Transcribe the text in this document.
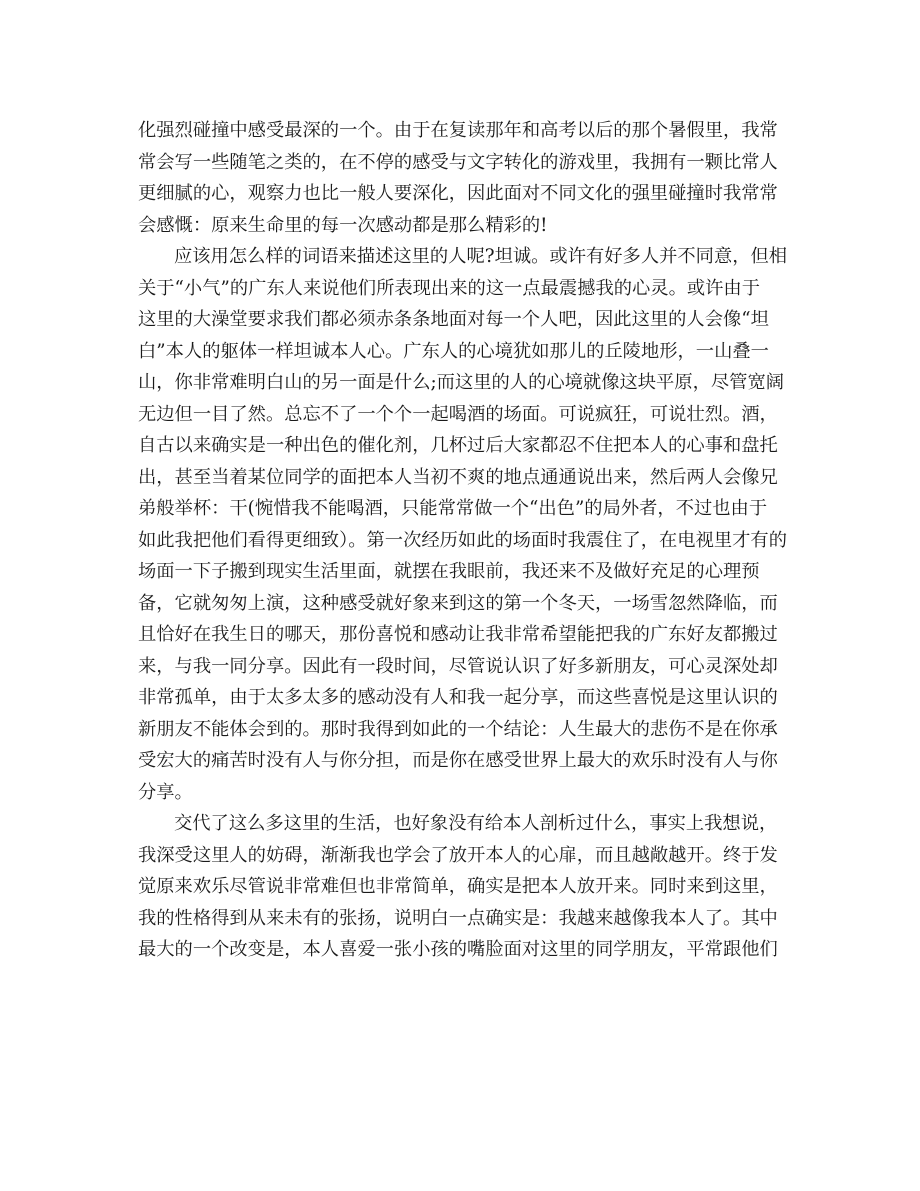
化强烈碰撞中感受最深的一个。由于在复读那年和高考以后的那个暑假里，我常
常会写一些随笔之类的，在不停的感受与文字转化的游戏里，我拥有一颗比常人
更细腻的心，观察力也比一般人要深化，因此面对不同文化的强里碰撞时我常常
会感慨：原来生命里的每一次感动都是那么精彩的!
应该用怎么样的词语来描述这里的人呢?坦诚。或许有好多人并不同意，但相
关于“小气”的广东人来说他们所表现出来的这一点最震撼我的心灵。或许由于
这里的大澡堂要求我们都必须赤条条地面对每一个人吧，因此这里的人会像“坦
白”本人的躯体一样坦诚本人心。广东人的心境犹如那儿的丘陵地形，一山叠一
山，你非常难明白山的另一面是什么;而这里的人的心境就像这块平原，尽管宽阔
无边但一目了然。总忘不了一个个一起喝酒的场面。可说疯狂，可说壮烈。酒，
自古以来确实是一种出色的催化剂，几杯过后大家都忍不住把本人的心事和盘托
出，甚至当着某位同学的面把本人当初不爽的地点通通说出来，然后两人会像兄
弟般举杯：干(惋惜我不能喝酒，只能常常做一个“出色”的局外者，不过也由于
如此我把他们看得更细致）。第一次经历如此的场面时我震住了，在电视里才有的
场面一下子搬到现实生活里面，就摆在我眼前，我还来不及做好充足的心理预
备，它就匆匆上演，这种感受就好象来到这的第一个冬天，一场雪忽然降临，而
且恰好在我生日的哪天，那份喜悦和感动让我非常希望能把我的广东好友都搬过
来，与我一同分享。因此有一段时间，尽管说认识了好多新朋友，可心灵深处却
非常孤单，由于太多太多的感动没有人和我一起分享，而这些喜悦是这里认识的
新朋友不能体会到的。那时我得到如此的一个结论：人生最大的悲伤不是在你承
受宏大的痛苦时没有人与你分担，而是你在感受世界上最大的欢乐时没有人与你
分享。
交代了这么多这里的生活，也好象没有给本人剖析过什么，事实上我想说，
我深受这里人的妨碍，渐渐我也学会了放开本人的心扉，而且越敞越开。终于发
觉原来欢乐尽管说非常难但也非常简单，确实是把本人放开来。同时来到这里，
我的性格得到从来未有的张扬，说明白一点确实是：我越来越像我本人了。其中
最大的一个改变是，本人喜爱一张小孩的嘴脸面对这里的同学朋友，平常跟他们
